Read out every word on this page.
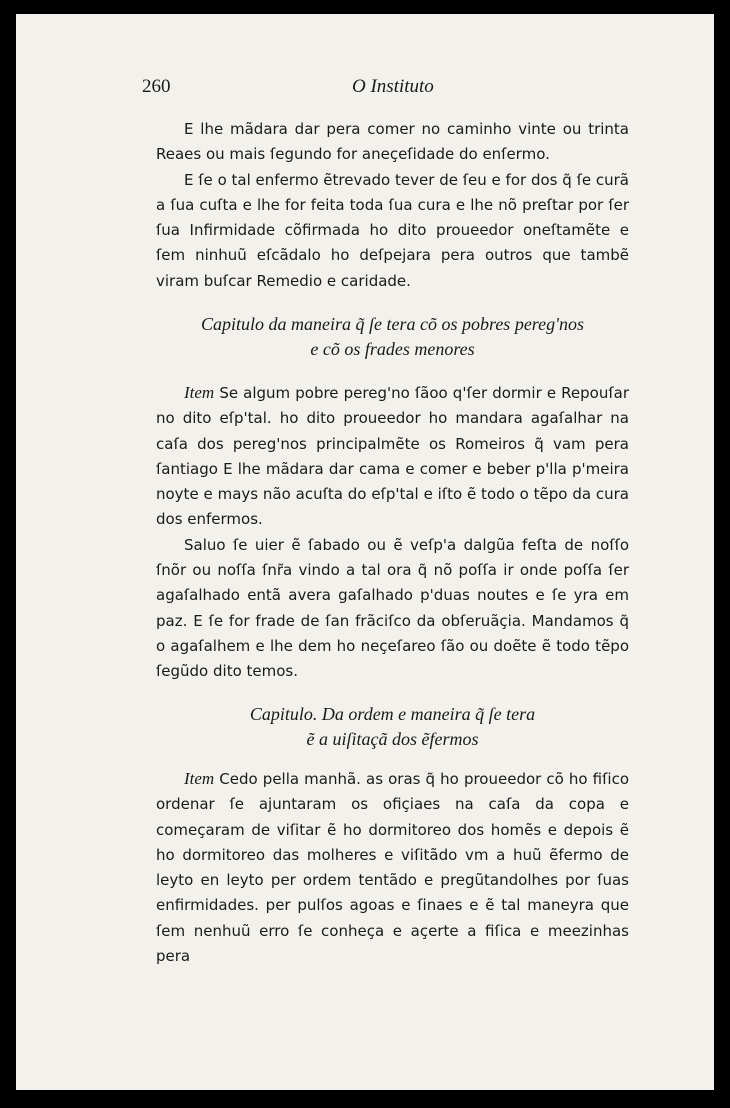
260	O Instituto

E lhe mãdara dar pera comer no caminho vinte ou trinta Reaes ou mais ſegundo for aneçeſidade do enſermo.

E ſe o tal enfermo ẽtrevado tever de ſeu e for dos q̃ ſe curã a ſua cuſta e lhe for feita toda ſua cura e lhe nõ preſtar por ſer ſua Infirmidade cõfirmada ho dito proueedor oneſtamẽte e ſem ninhuũ eſcãdalo ho deſpejara pera outros que tambẽ viram buſcar Remedio e caridade.

Capitulo da maneira q̃ ſe tera cõ os pobres pereg'nos
e cõ os frades menores

Item Se algum pobre pereg'no ſãoo q'ſer dormir e Repouſar no dito eſp'tal. ho dito proueedor ho mandara agaſalhar na caſa dos pereg'nos principalmẽte os Romeiros q̃ vam pera ſantiago E lhe mãdara dar cama e comer e beber p'lla p'meira noyte e mays não acuſta do eſp'tal e iſto ẽ todo o tẽpo da cura dos enfermos.

Saluo ſe uier ẽ ſabado ou ẽ veſp'a dalgũa feſta de noſſo ſnõr ou noſſa ſnr̃a vindo a tal ora q̃ nõ poſſa ir onde poſſa ſer agaſalhado entã avera gaſalhado p'duas noutes e ſe yra em paz. E ſe for frade de ſan frãciſco da obſeruãçia. Mandamos q̃ o agaſalhem e lhe dem ho neçeſareo ſão ou doẽte ẽ todo tẽpo ſegũdo dito temos.

Capitulo. Da ordem e maneira q̃ ſe tera
ẽ a uiſitaçã dos ẽfermos

Item Cedo pella manhã. as oras q̃ ho proueedor cõ ho fiſico ordenar ſe ajuntaram os ofiçiaes na caſa da copa e começaram de viſitar ẽ ho dormitoreo dos homẽs e depois ẽ ho dormitoreo das molheres e viſitãdo vm a huũ ẽfermo de leyto en leyto per ordem tentãdo e pregũtandolhes por ſuas enfirmidades. per pulſos agoas e ſinaes e ẽ tal maneyra que ſem nenhuũ erro ſe conheça e açerte a fiſica e meezinhas pera
